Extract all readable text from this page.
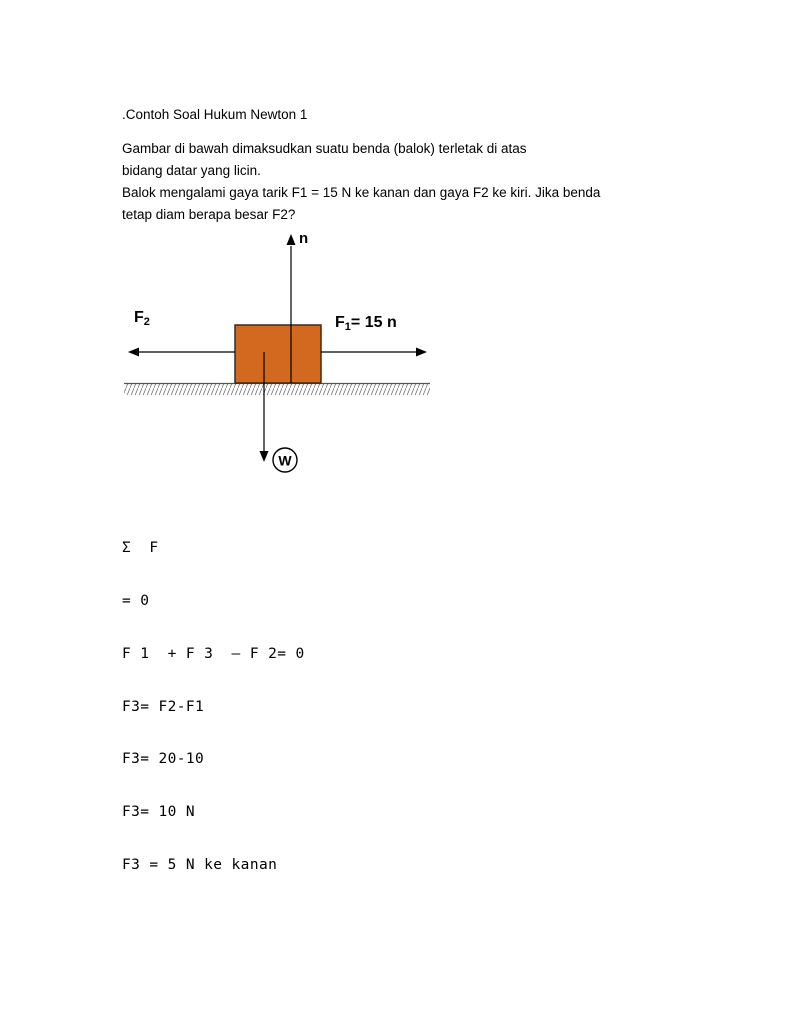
.Contoh Soal Hukum Newton 1
Gambar di bawah dimaksudkan suatu benda (balok) terletak di atas
bidang datar yang licin.
Balok mengalami gaya tarik F1 = 15 N ke kanan dan gaya F2 ke kiri. Jika benda
tetap diam berapa besar F2?
n
F2	F1= 15 n
W

Σ  F

= 0

F 1  + F 3  – F 2= 0

F3= F2-F1

F3= 20-10

F3= 10 N

F3 = 5 N ke kanan
